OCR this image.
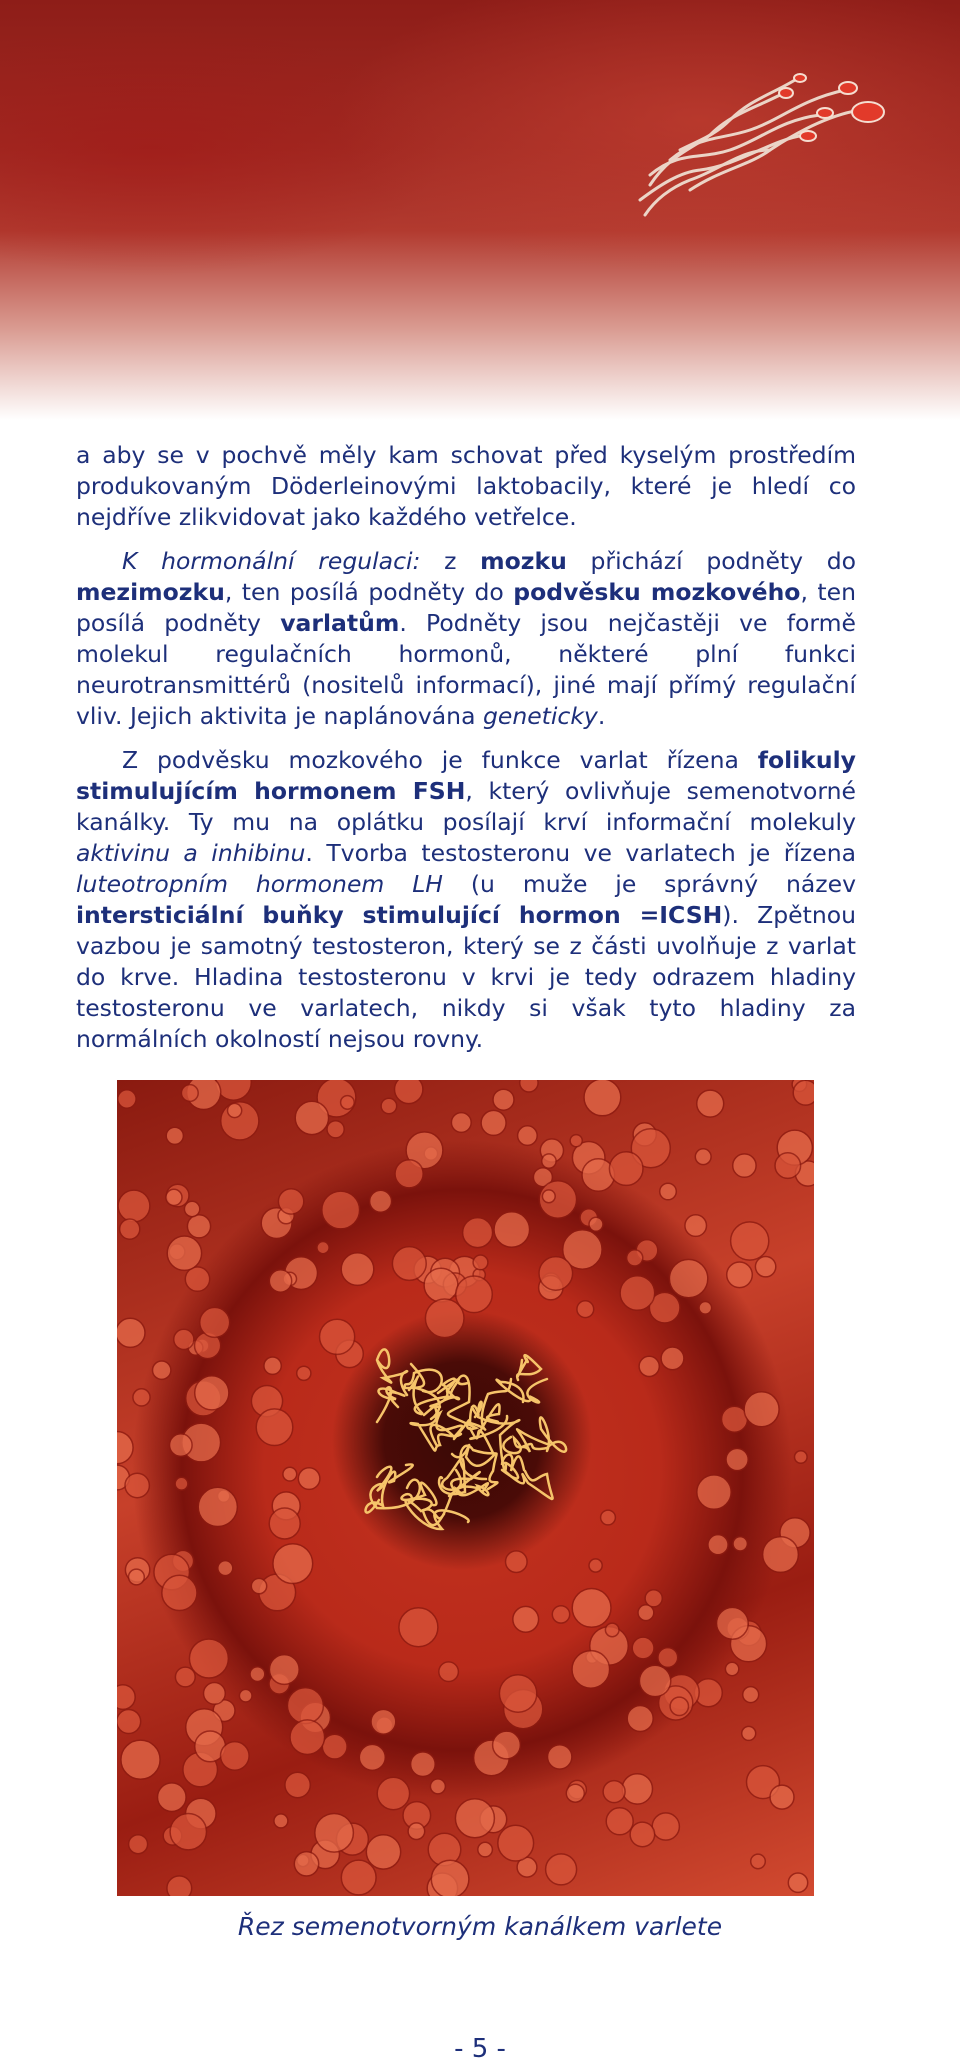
a aby se v pochvě měly kam schovat před kyselým prostředím produkovaným Döderleinovými laktobacily, které je hledí co nejdříve zlikvidovat jako každého vetřelce.

K hormonální regulaci: z mozku přichází podněty do mezimozku, ten posílá podněty do podvěsku mozkového, ten posílá podněty varlatům. Podněty jsou nejčastěji ve formě molekul regulačních hormonů, některé plní funkci neurotransmittérů (nositelů informací), jiné mají přímý regulační vliv. Jejich aktivita je naplánována geneticky.

Z podvěsku mozkového je funkce varlat řízena folikuly stimulujícím hormonem FSH, který ovlivňuje semenotvorné kanálky. Ty mu na oplátku posílají krví informační molekuly aktivinu a inhibinu. Tvorba testosteronu ve varlatech je řízena luteotropním hormonem LH (u muže je správný název intersticiální buňky stimulující hormon =ICSH). Zpětnou vazbou je samotný testosteron, který se z části uvolňuje z varlat do krve. Hladina testosteronu v krvi je tedy odrazem hladiny testosteronu ve varlatech, nikdy si však tyto hladiny za normálních okolností nejsou rovny.

Řez semenotvorným kanálkem varlete
- 5 -
